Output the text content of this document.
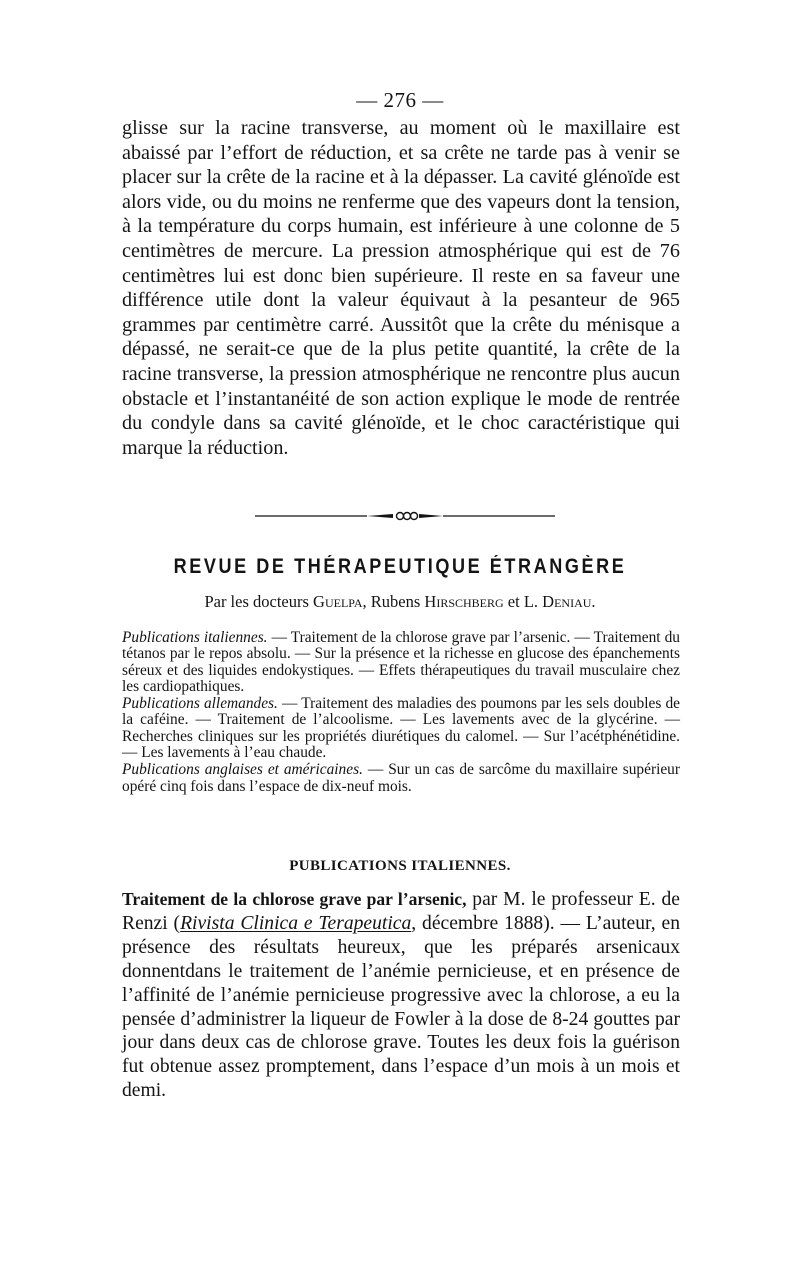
— 276 —
glisse sur la racine transverse, au moment où le maxillaire est abaissé par l’effort de réduction, et sa crête ne tarde pas à venir se placer sur la crête de la racine et à la dépasser. La cavité glénoïde est alors vide, ou du moins ne renferme que des vapeurs dont la tension, à la température du corps humain, est inférieure à une colonne de 5 centimètres de mercure. La pression atmosphérique qui est de 76 centimètres lui est donc bien supérieure. Il reste en sa faveur une différence utile dont la valeur équivaut à la pesanteur de 965 grammes par centimètre carré. Aussitôt que la crête du ménisque a dépassé, ne serait-ce que de la plus petite quantité, la crête de la racine transverse, la pression atmosphérique ne rencontre plus aucun obstacle et l’instantanéité de son action explique le mode de rentrée du condyle dans sa cavité glénoïde, et le choc caractéristique qui marque la réduction.
REVUE DE THÉRAPEUTIQUE ÉTRANGÈRE
Par les docteurs Guelpa, Rubens Hirschberg et L. Deniau.

Publications italiennes. — Traitement de la chlorose grave par l’arsenic. — Traitement du tétanos par le repos absolu. — Sur la présence et la richesse en glucose des épanchements séreux et des liquides endokystiques. — Effets thérapeutiques du travail musculaire chez les cardiopathiques.

Publications allemandes. — Traitement des maladies des poumons par les sels doubles de la caféine. — Traitement de l’alcoolisme. — Les lavements avec de la glycérine. — Recherches cliniques sur les propriétés diurétiques du calomel. — Sur l’acétphénétidine. — Les lavements à l’eau chaude.

Publications anglaises et américaines. — Sur un cas de sarcôme du maxillaire supérieur opéré cinq fois dans l’espace de dix-neuf mois.

PUBLICATIONS ITALIENNES.
Traitement de la chlorose grave par l’arsenic, par M. le professeur E. de Renzi (Rivista Clinica e Terapeutica, décembre 1888). — L’auteur, en présence des résultats heureux, que les préparés arsenicaux donnentdans le traitement de l’anémie pernicieuse, et en présence de l’affinité de l’anémie pernicieuse progressive avec la chlorose, a eu la pensée d’administrer la liqueur de Fowler à la dose de 8-24 gouttes par jour dans deux cas de chlorose grave. Toutes les deux fois la guérison fut obtenue assez promptement, dans l’espace d’un mois à un mois et demi.
